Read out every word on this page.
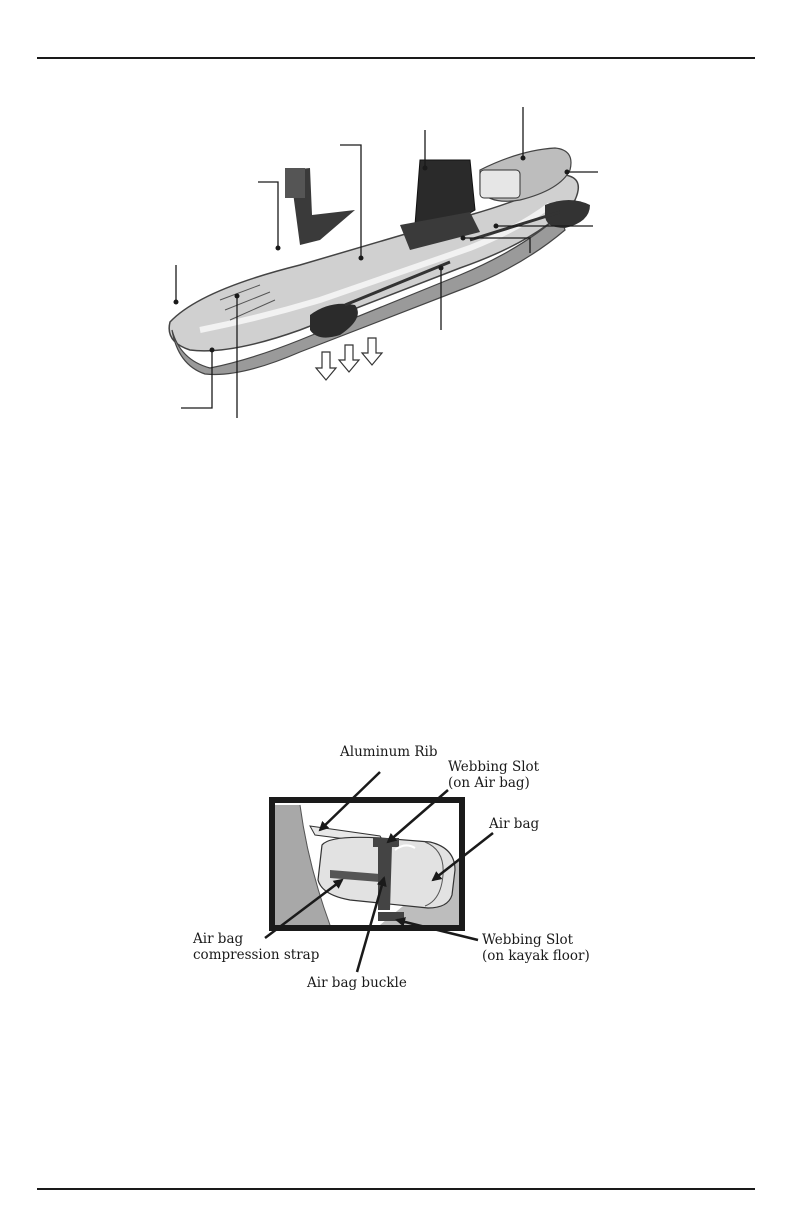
Aluminum Rib
Webbing Slot
(on Air bag)
Air bag
Air bag
compression strap
Air bag buckle
Webbing Slot
(on kayak floor)
